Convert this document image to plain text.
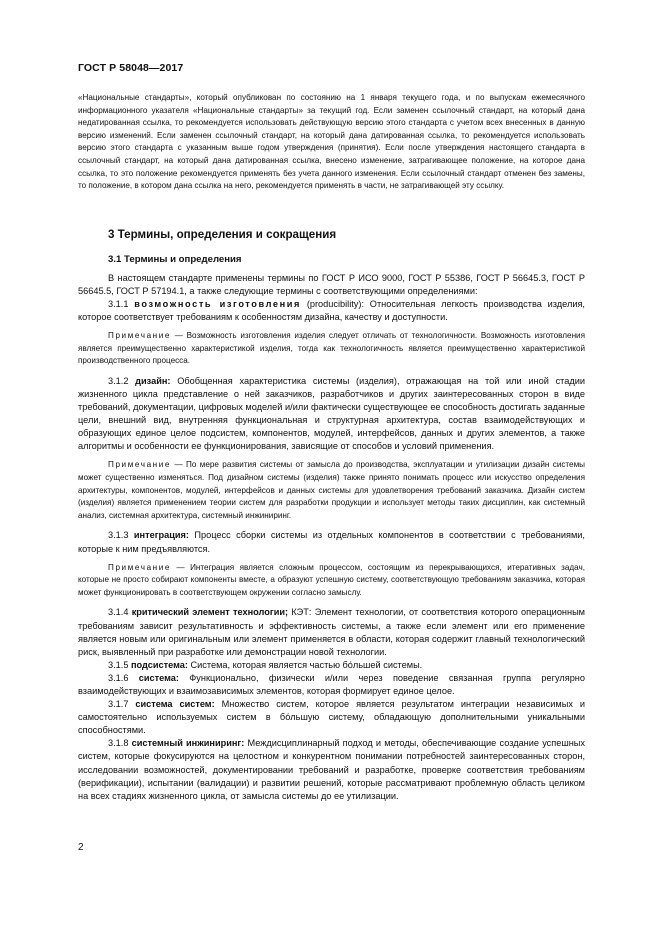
ГОСТ Р 58048—2017

«Национальные стандарты», который опубликован по состоянию на 1 января текущего года, и по выпускам ежемесячного информационного указателя «Национальные стандарты» за текущий год. Если заменен ссылочный стандарт, на который дана недатированная ссылка, то рекомендуется использовать действующую версию этого стандарта с учетом всех внесенных в данную версию изменений. Если заменен ссылочный стандарт, на который дана датированная ссылка, то рекомендуется использовать версию этого стандарта с указанным выше годом утверждения (принятия). Если после утверждения настоящего стандарта в ссылочный стандарт, на который дана датированная ссылка, внесено изменение, затрагивающее положение, на которое дана ссылка, то это положение рекомендуется применять без учета данного изменения. Если ссылочный стандарт отменен без замены, то положение, в котором дана ссылка на него, рекомендуется применять в части, не затрагивающей эту ссылку.

3 Термины, определения и сокращения

3.1 Термины и определения

В настоящем стандарте применены термины по ГОСТ Р ИСО 9000, ГОСТ Р 55386, ГОСТ Р 56645.3, ГОСТ Р 56645.5, ГОСТ Р 57194.1, а также следующие термины с соответствующими определениями:

3.1.1 возможность изготовления (producibility): Относительная легкость производства изделия, которое соответствует требованиям к особенностям дизайна, качеству и доступности.

Примечание — Возможность изготовления изделия следует отличать от технологичности. Возможность изготовления является преимущественно характеристикой изделия, тогда как технологичность является преимущественно характеристикой производственного процесса.

3.1.2 дизайн: Обобщенная характеристика системы (изделия), отражающая на той или иной стадии жизненного цикла представление о ней заказчиков, разработчиков и других заинтересованных сторон в виде требований, документации, цифровых моделей и/или фактически существующее ее способность достигать заданные цели, внешний вид, внутренняя функциональная и структурная архитектура, состав взаимодействующих и образующих единое целое подсистем, компонентов, модулей, интерфейсов, данных и других элементов, а также алгоритмы и особенности ее функционирования, зависящие от способов и условий применения.

Примечание — По мере развития системы от замысла до производства, эксплуатации и утилизации дизайн системы может существенно изменяться. Под дизайном системы (изделия) также принято понимать процесс или искусство определения архитектуры, компонентов, модулей, интерфейсов и данных системы для удовлетворения требований заказчика. Дизайн систем (изделия) является применением теории систем для разработки продукции и использует методы таких дисциплин, как системный анализ, системная архитектура, системный инжиниринг.

3.1.3 интеграция: Процесс сборки системы из отдельных компонентов в соответствии с требованиями, которые к ним предъявляются.

Примечание — Интеграция является сложным процессом, состоящим из перекрывающихся, итеративных задач, которые не просто собирают компоненты вместе, а образуют успешную систему, соответствующую требованиям заказчика, которая может функционировать в соответствующем окружении согласно замыслу.

3.1.4 критический элемент технологии; КЭТ: Элемент технологии, от соответствия которого операционным требованиям зависит результативность и эффективность системы, а также если элемент или его применение является новым или оригинальным или элемент применяется в области, которая содержит главный технологический риск, выявленный при разработке или демонстрации новой технологии.

3.1.5 подсистема: Система, которая является частью бо́льшей системы.

3.1.6 система: Функционально, физически и/или через поведение связанная группа регулярно взаимодействующих и взаимозависимых элементов, которая формирует единое целое.

3.1.7 система систем: Множество систем, которое является результатом интеграции независимых и самостоятельно используемых систем в бо́льшую систему, обладающую дополнительными уникальными способностями.

3.1.8 системный инжиниринг: Междисциплинарный подход и методы, обеспечивающие создание успешных систем, которые фокусируются на целостном и конкурентном понимании потребностей заинтересованных сторон, исследовании возможностей, документировании требований и разработке, проверке соответствия требованиям (верификации), испытании (валидации) и развитии решений, которые рассматривают проблемную область целиком на всех стадиях жизненного цикла, от замысла системы до ее утилизации.

2
